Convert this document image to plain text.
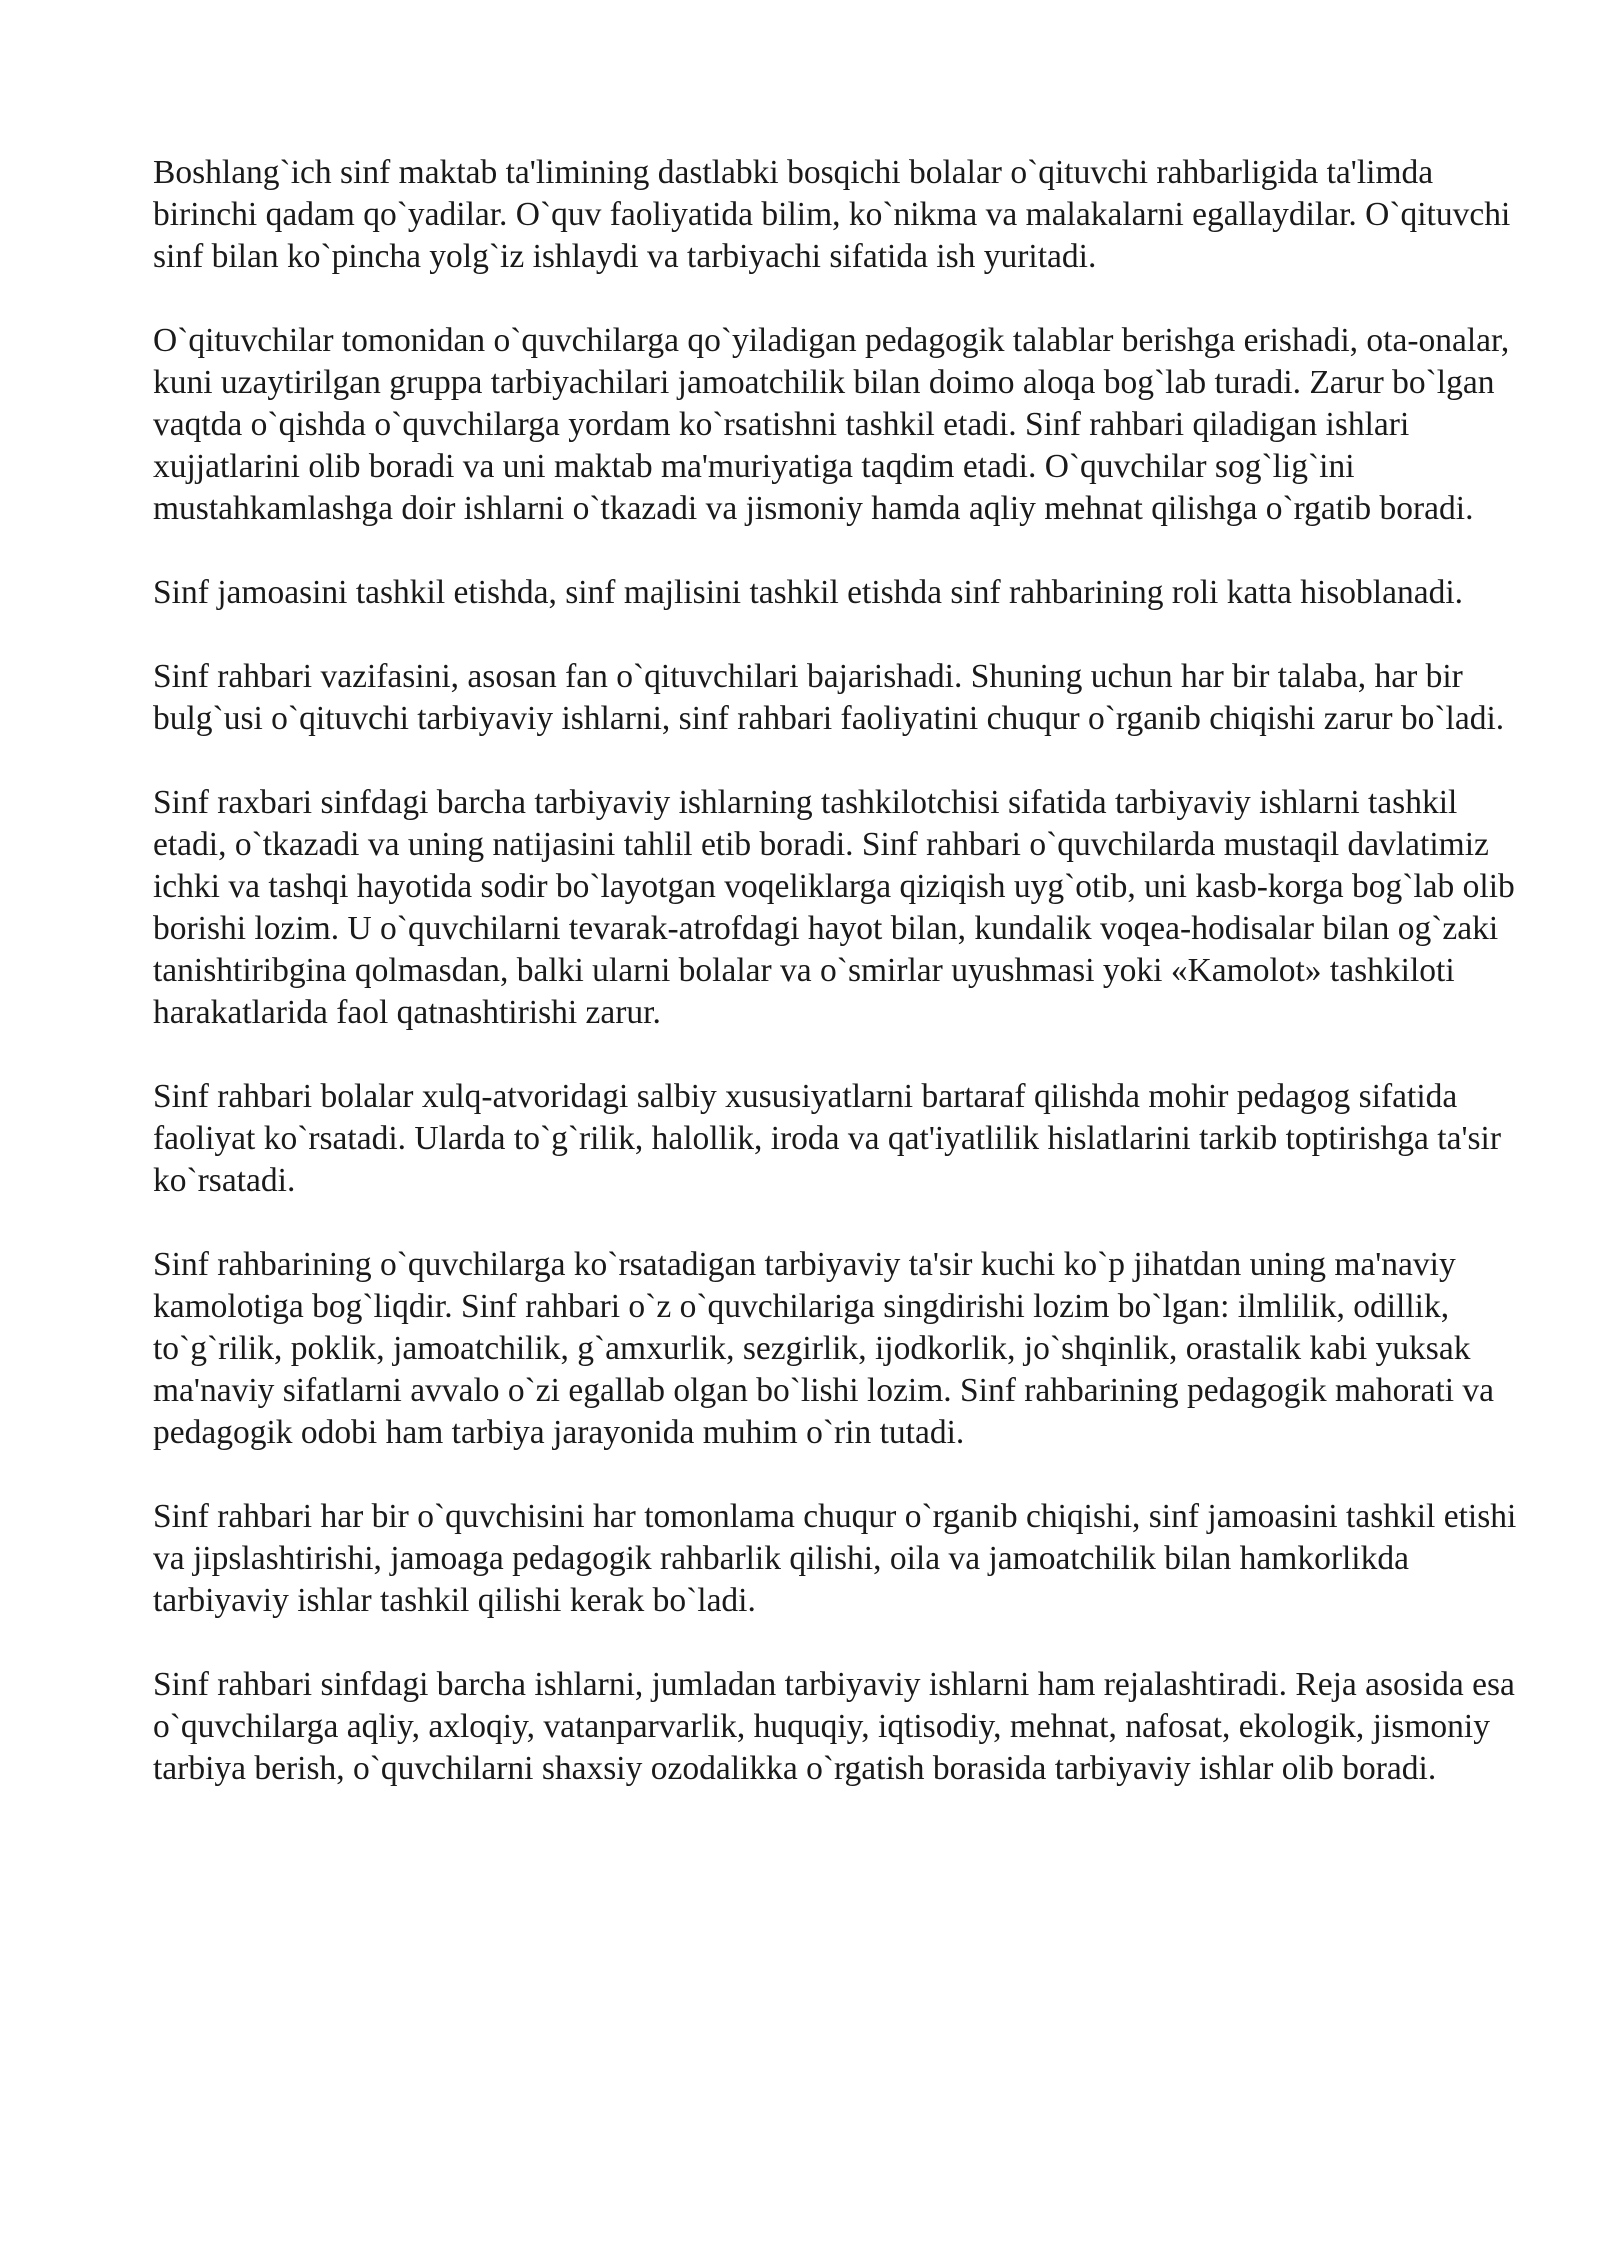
Boshlang`ich sinf maktab ta'limining dastlabki bosqichi bolalar o`qituvchi rahbarligida ta'limda birinchi qadam qo`yadilar. O`quv faoliyatida bilim, ko`nikma va malakalarni egallaydilar. O`qituvchi sinf bilan ko`pincha yolg`iz ishlaydi va tarbiyachi sifatida ish yuritadi.

O`qituvchilar tomonidan o`quvchilarga qo`yiladigan pedagogik talablar berishga erishadi, ota-onalar, kuni uzaytirilgan gruppa tarbiyachilari jamoatchilik bilan doimo aloqa bog`lab turadi. Zarur bo`lgan vaqtda o`qishda o`quvchilarga yordam ko`rsatishni tashkil etadi. Sinf rahbari qiladigan ishlari xujjatlarini olib boradi va uni maktab ma'muriyatiga taqdim etadi. O`quvchilar sog`lig`ini mustahkamlashga doir ishlarni o`tkazadi va jismoniy hamda aqliy mehnat qilishga o`rgatib boradi.

Sinf jamoasini tashkil etishda, sinf majlisini tashkil etishda sinf rahbarining roli katta hisoblanadi.

Sinf rahbari vazifasini, asosan fan o`qituvchilari bajarishadi. Shuning uchun har bir talaba, har bir bulg`usi o`qituvchi tarbiyaviy ishlarni, sinf rahbari faoliyatini chuqur o`rganib chiqishi zarur bo`ladi.

Sinf raxbari sinfdagi barcha tarbiyaviy ishlarning tashkilotchisi sifatida tarbiyaviy ishlarni tashkil etadi, o`tkazadi va uning natijasini tahlil etib boradi. Sinf rahbari o`quvchilarda mustaqil davlatimiz ichki va tashqi hayotida sodir bo`layotgan voqeliklarga qiziqish uyg`otib, uni kasb-korga bog`lab olib borishi lozim. U o`quvchilarni tevarak-atrofdagi hayot bilan, kundalik voqea-hodisalar bilan og`zaki tanishtiribgina qolmasdan, balki ularni bolalar va o`smirlar uyushmasi yoki «Kamolot» tashkiloti harakatlarida faol qatnashtirishi zarur.

Sinf rahbari bolalar xulq-atvoridagi salbiy xususiyatlarni bartaraf qilishda mohir pedagog sifatida faoliyat ko`rsatadi. Ularda to`g`rilik, halollik, iroda va qat'iyatlilik hislatlarini tarkib toptirishga ta'sir ko`rsatadi.

Sinf rahbarining o`quvchilarga ko`rsatadigan tarbiyaviy ta'sir kuchi ko`p jihatdan uning ma'naviy kamolotiga bog`liqdir. Sinf rahbari o`z o`quvchilariga singdirishi lozim bo`lgan: ilmlilik, odillik, to`g`rilik, poklik, jamoatchilik, g`amxurlik, sezgirlik, ijodkorlik, jo`shqinlik, orastalik kabi yuksak ma'naviy sifatlarni avvalo o`zi egallab olgan bo`lishi lozim. Sinf rahbarining pedagogik mahorati va pedagogik odobi ham tarbiya jarayonida muhim o`rin tutadi.

Sinf rahbari har bir o`quvchisini har tomonlama chuqur o`rganib chiqishi, sinf jamoasini tashkil etishi va jipslashtirishi, jamoaga pedagogik rahbarlik qilishi, oila va jamoatchilik bilan hamkorlikda tarbiyaviy ishlar tashkil qilishi kerak bo`ladi.

Sinf rahbari sinfdagi barcha ishlarni, jumladan tarbiyaviy ishlarni ham rejalashtiradi. Reja asosida esa o`quvchilarga aqliy, axloqiy, vatanparvarlik, huquqiy, iqtisodiy, mehnat, nafosat, ekologik, jismoniy tarbiya berish, o`quvchilarni shaxsiy ozodalikka o`rgatish borasida tarbiyaviy ishlar olib boradi.
